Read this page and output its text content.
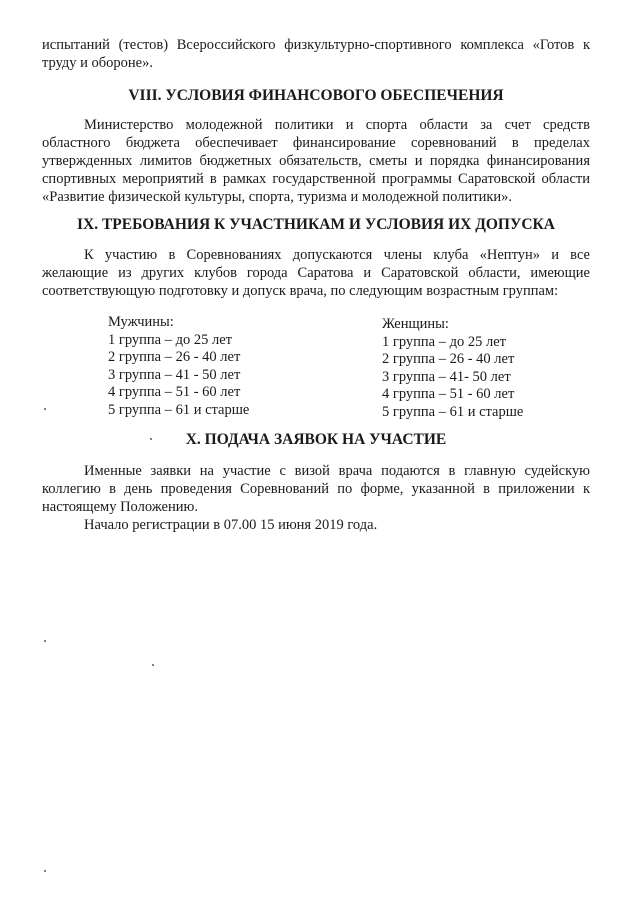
испытаний (тестов) Всероссийского физкультурно-спортивного комплекса «Готов к труду и обороне».

VIII. УСЛОВИЯ ФИНАНСОВОГО ОБЕСПЕЧЕНИЯ

Министерство молодежной политики и спорта области за счет средств областного бюджета обеспечивает финансирование соревнований в пределах утвержденных лимитов бюджетных обязательств, сметы и порядка финансирования спортивных мероприятий в рамках государственной программы Саратовской области «Развитие физической культуры, спорта, туризма и молодежной политики».

IX. ТРЕБОВАНИЯ К УЧАСТНИКАМ И УСЛОВИЯ ИХ ДОПУСКА

К участию в Соревнованиях допускаются члены клуба «Нептун» и все желающие из других клубов города Саратова и Саратовской области, имеющие соответствующую подготовку и допуск врача, по следующим возрастным группам:

Мужчины:
1 группа – до 25 лет
2 группа – 26 - 40 лет
3 группа – 41 - 50 лет
4 группа – 51 - 60 лет
5 группа – 61 и старше
Женщины:
1 группа – до 25 лет
2 группа – 26 - 40 лет
3 группа – 41- 50 лет
4 группа – 51 - 60 лет
5 группа – 61 и старше
X. ПОДАЧА ЗАЯВОК НА УЧАСТИЕ

Именные заявки на участие с визой врача подаются в главную судейскую коллегию в день проведения Соревнований по форме, указанной в приложении к настоящему Положению.

Начало регистрации в 07.00 15 июня 2019 года.
